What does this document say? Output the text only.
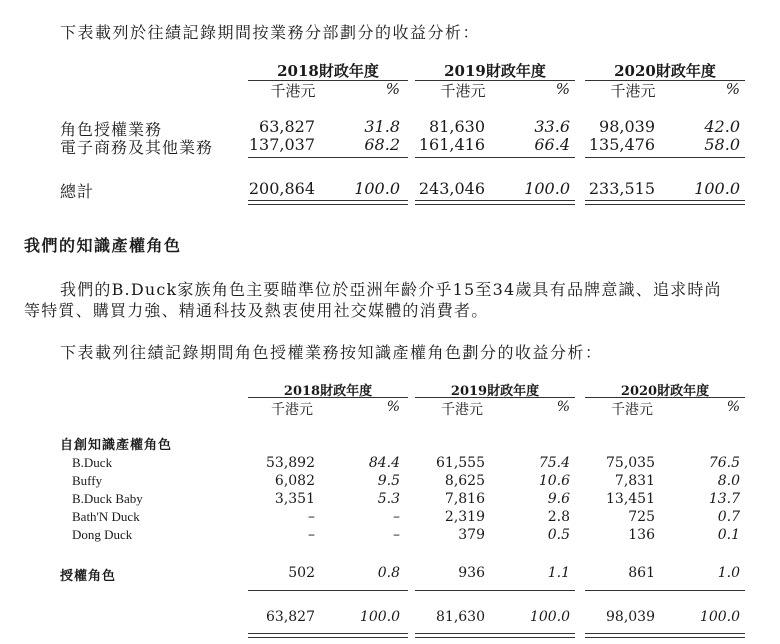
下表載列於往績記錄期間按業務分部劃分的收益分析：
2018財政年度	2019財政年度	2020財政年度
千港元	%	千港元	%	千港元	%
角色授權業務	63,827	31.8	81,630	33.6	98,039	42.0
電子商務及其他業務	137,037	68.2	161,416	66.4	135,476	58.0
總計	200,864	100.0	243,046	100.0	233,515	100.0
我們的知識產權角色
我們的B.Duck家族角色主要瞄準位於亞洲年齡介乎15至34歲具有品牌意識、追求時尚
等特質、購買力強、精通科技及熱衷使用社交媒體的消費者。
下表載列往績記錄期間角色授權業務按知識產權角色劃分的收益分析：
2018財政年度	2019財政年度	2020財政年度
千港元	%	千港元	%	千港元	%
自創知識產權角色
B.Duck	53,892	84.4	61,555	75.4	75,035	76.5
Buffy	6,082	9.5	8,625	10.6	7,831	8.0
B.Duck Baby	3,351	5.3	7,816	9.6	13,451	13.7
Bath'N Duck	–	–	2,319	2.8	725	0.7
Dong Duck	–	–	379	0.5	136	0.1
授權角色	502	0.8	936	1.1	861	1.0
63,827	100.0	81,630	100.0	98,039	100.0
